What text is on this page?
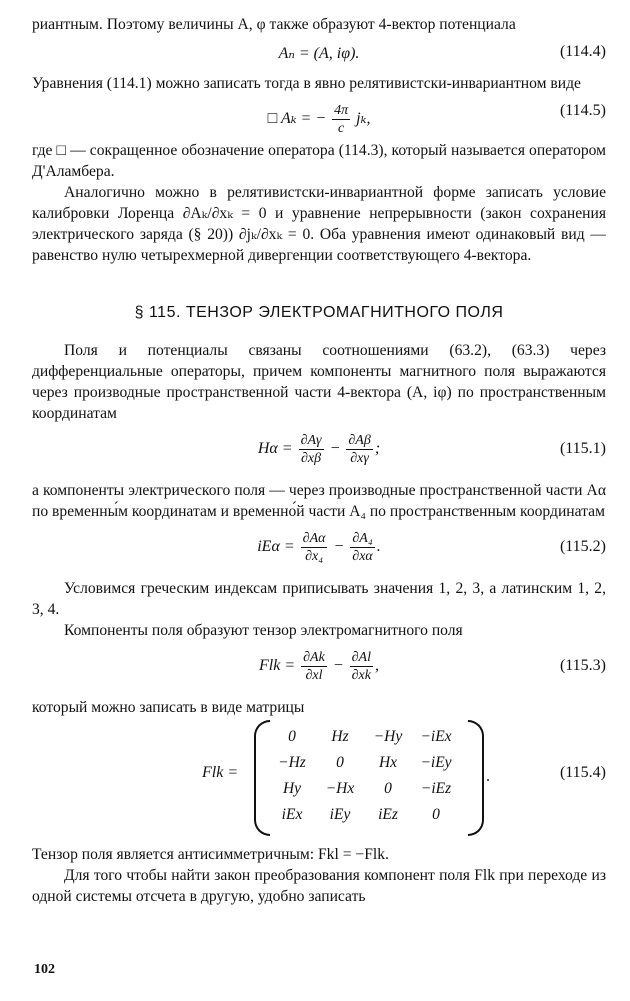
риантным. Поэтому величины A, φ также образуют 4-вектор потенциала

Aₙ = (A, iφ).	(114.4)

Уравнения (114.1) можно записать тогда в явно релятивистски-инвариантном виде

□ Aₖ = − $\frac{4\pi}{c} j_k$,	(114.5)

где □ — сокращенное обозначение оператора (114.3), который называется оператором Д'Аламбера.

Аналогично можно в релятивистски-инвариантной форме записать условие калибровки Лоренца ∂Aₖ/∂xₖ = 0 и уравнение непрерывности (закон сохранения электрического заряда (§ 20)) ∂jₖ/∂xₖ = 0. Оба уравнения имеют одинаковый вид — равенство нулю четырехмерной дивергенции соответствующего 4-вектора.

§ 115. ТЕНЗОР ЭЛЕКТРОМАГНИТНОГО ПОЛЯ

Поля и потенциалы связаны соотношениями (63.2), (63.3) через дифференциальные операторы, причем компоненты магнитного поля выражаются через производные пространственной части 4-вектора (A, iφ) по пространственным координатам

$H\alpha = \frac{\partial A\gamma}{\partial x\beta} - \frac{\partial A\beta}{\partial x\gamma}$ ;	(115.1)

а компоненты электрического поля — через производные пространственной части Aα по временны́м координатам и временно́й части A₄ по пространственным координатам

$iE\alpha = \frac{\partial A\alpha}{\text{∂x₄}} - \frac{\text{∂A₄}}{\partial x\alpha}$ .	(115.2)

Условимся греческим индексам приписывать значения 1, 2, 3, а латинским 1, 2, 3, 4.

Компоненты поля образуют тензор электромагнитного поля

Flk = $\frac{\partial Ak}{\partial xl} - \frac{\partial Al}{\partial xk}$ ,	(115.3)

который можно записать в виде матрицы

Flk =
0	Hz	−Hy	−iEx
−Hz	0	Hx	−iEy
Hy	−Hx	0	−iEz
iEx	iEy	iEz	0
.	(115.4)

Тензор поля является антисимметричным: Fkl = −Flk.

Для того чтобы найти закон преобразования компонент поля Flk при переходе из одной системы отсчета в другую, удобно записать

102
